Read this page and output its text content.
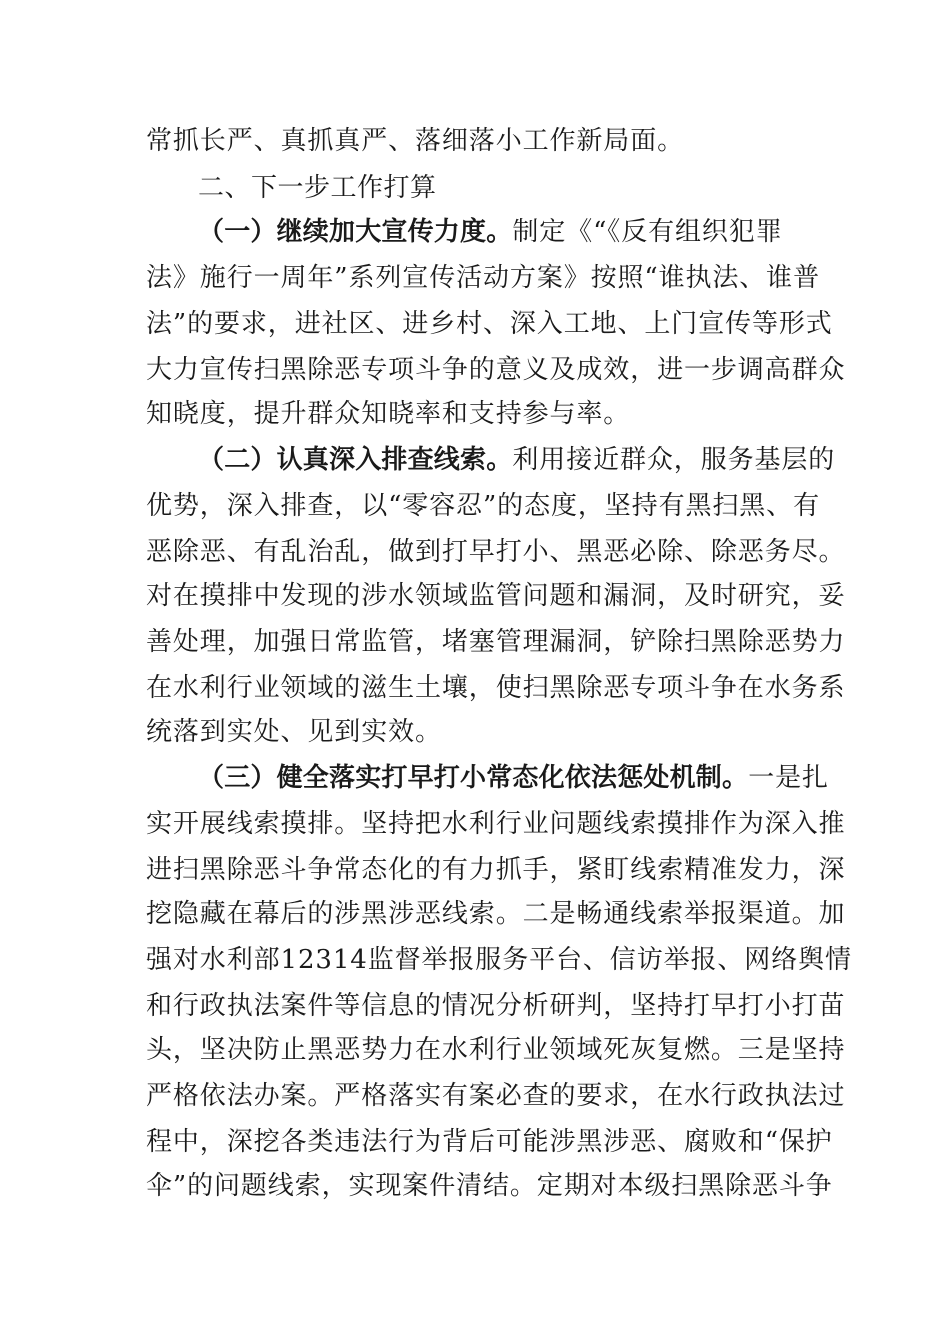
常抓长严、真抓真严、落细落小工作新局面。
二、下一步工作打算
（一）继续加大宣传力度。制定《“《反有组织犯罪
法》施行一周年”系列宣传活动方案》按照“谁执法、谁普
法”的要求，进社区、进乡村、深入工地、上门宣传等形式
大力宣传扫黑除恶专项斗争的意义及成效，进一步调高群众
知晓度，提升群众知晓率和支持参与率。
（二）认真深入排查线索。利用接近群众，服务基层的
优势，深入排查，以“零容忍”的态度，坚持有黑扫黑、有
恶除恶、有乱治乱，做到打早打小、黑恶必除、除恶务尽。
对在摸排中发现的涉水领域监管问题和漏洞，及时研究，妥
善处理，加强日常监管，堵塞管理漏洞，铲除扫黑除恶势力
在水利行业领域的滋生土壤，使扫黑除恶专项斗争在水务系
统落到实处、见到实效。
（三）健全落实打早打小常态化依法惩处机制。一是扎
实开展线索摸排。坚持把水利行业问题线索摸排作为深入推
进扫黑除恶斗争常态化的有力抓手，紧盯线索精准发力，深
挖隐藏在幕后的涉黑涉恶线索。二是畅通线索举报渠道。加
强对水利部12314监督举报服务平台、信访举报、网络舆情
和行政执法案件等信息的情况分析研判，坚持打早打小打苗
头，坚决防止黑恶势力在水利行业领域死灰复燃。三是坚持
严格依法办案。严格落实有案必查的要求，在水行政执法过
程中，深挖各类违法行为背后可能涉黑涉恶、腐败和“保护
伞”的问题线索，实现案件清结。定期对本级扫黑除恶斗争
